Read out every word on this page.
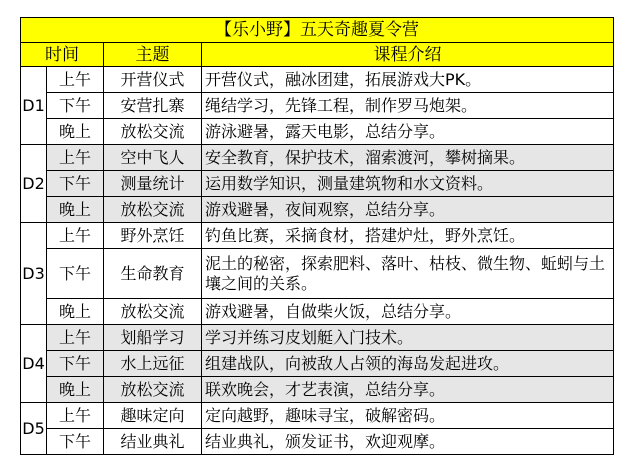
【乐小野】五天奇趣夏令营			
时间		主题	课程介绍
D1	上午	开营仪式	开营仪式，融冰团建，拓展游戏大PK。
	下午	安营扎寨	绳结学习，先锋工程，制作罗马炮架。
	晚上	放松交流	游泳避暑，露天电影，总结分享。
D2	上午	空中飞人	安全教育，保护技术，溜索渡河，攀树摘果。
	下午	测量统计	运用数学知识，测量建筑物和水文资料。
	晚上	放松交流	游戏避暑，夜间观察，总结分享。
D3	上午	野外烹饪	钓鱼比赛，采摘食材，搭建炉灶，野外烹饪。
	下午	生命教育	泥土的秘密，探索肥料、落叶、枯枝、微生物、蚯蚓与土壤之间的关系。
	晚上	放松交流	游戏避暑，自做柴火饭，总结分享。
D4	上午	划船学习	学习并练习皮划艇入门技术。
	下午	水上远征	组建战队，向被敌人占领的海岛发起进攻。
	晚上	放松交流	联欢晚会，才艺表演，总结分享。
D5	上午	趣味定向	定向越野，趣味寻宝，破解密码。
	下午	结业典礼	结业典礼，颁发证书，欢迎观摩。
